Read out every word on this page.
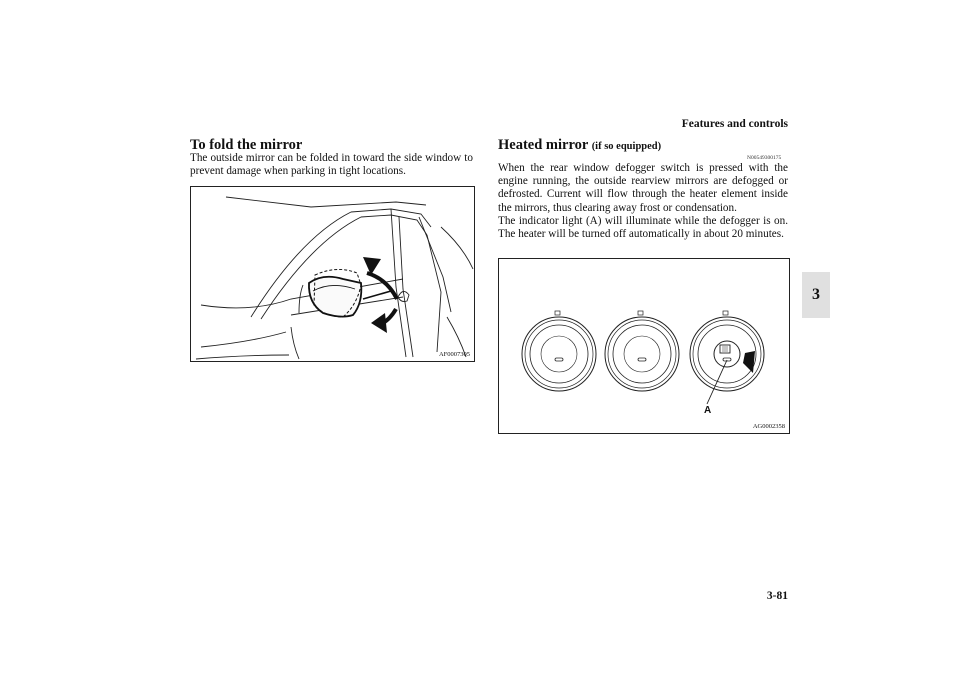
Features and controls
3
To fold the mirror
The outside mirror can be folded in toward the side window to prevent damage when parking in tight locations.
AF0007305
Heated mirror (if so equipped)
N00549300175
When the rear window defogger switch is pressed with the engine running, the outside rearview mirrors are defogged or defrosted. Current will flow through the heater element inside the mirrors, thus clearing away frost or condensation.
The indicator light (A) will illuminate while the defogger is on. The heater will be turned off automatically in about 20 minutes.
A
AG0002358
3-81
